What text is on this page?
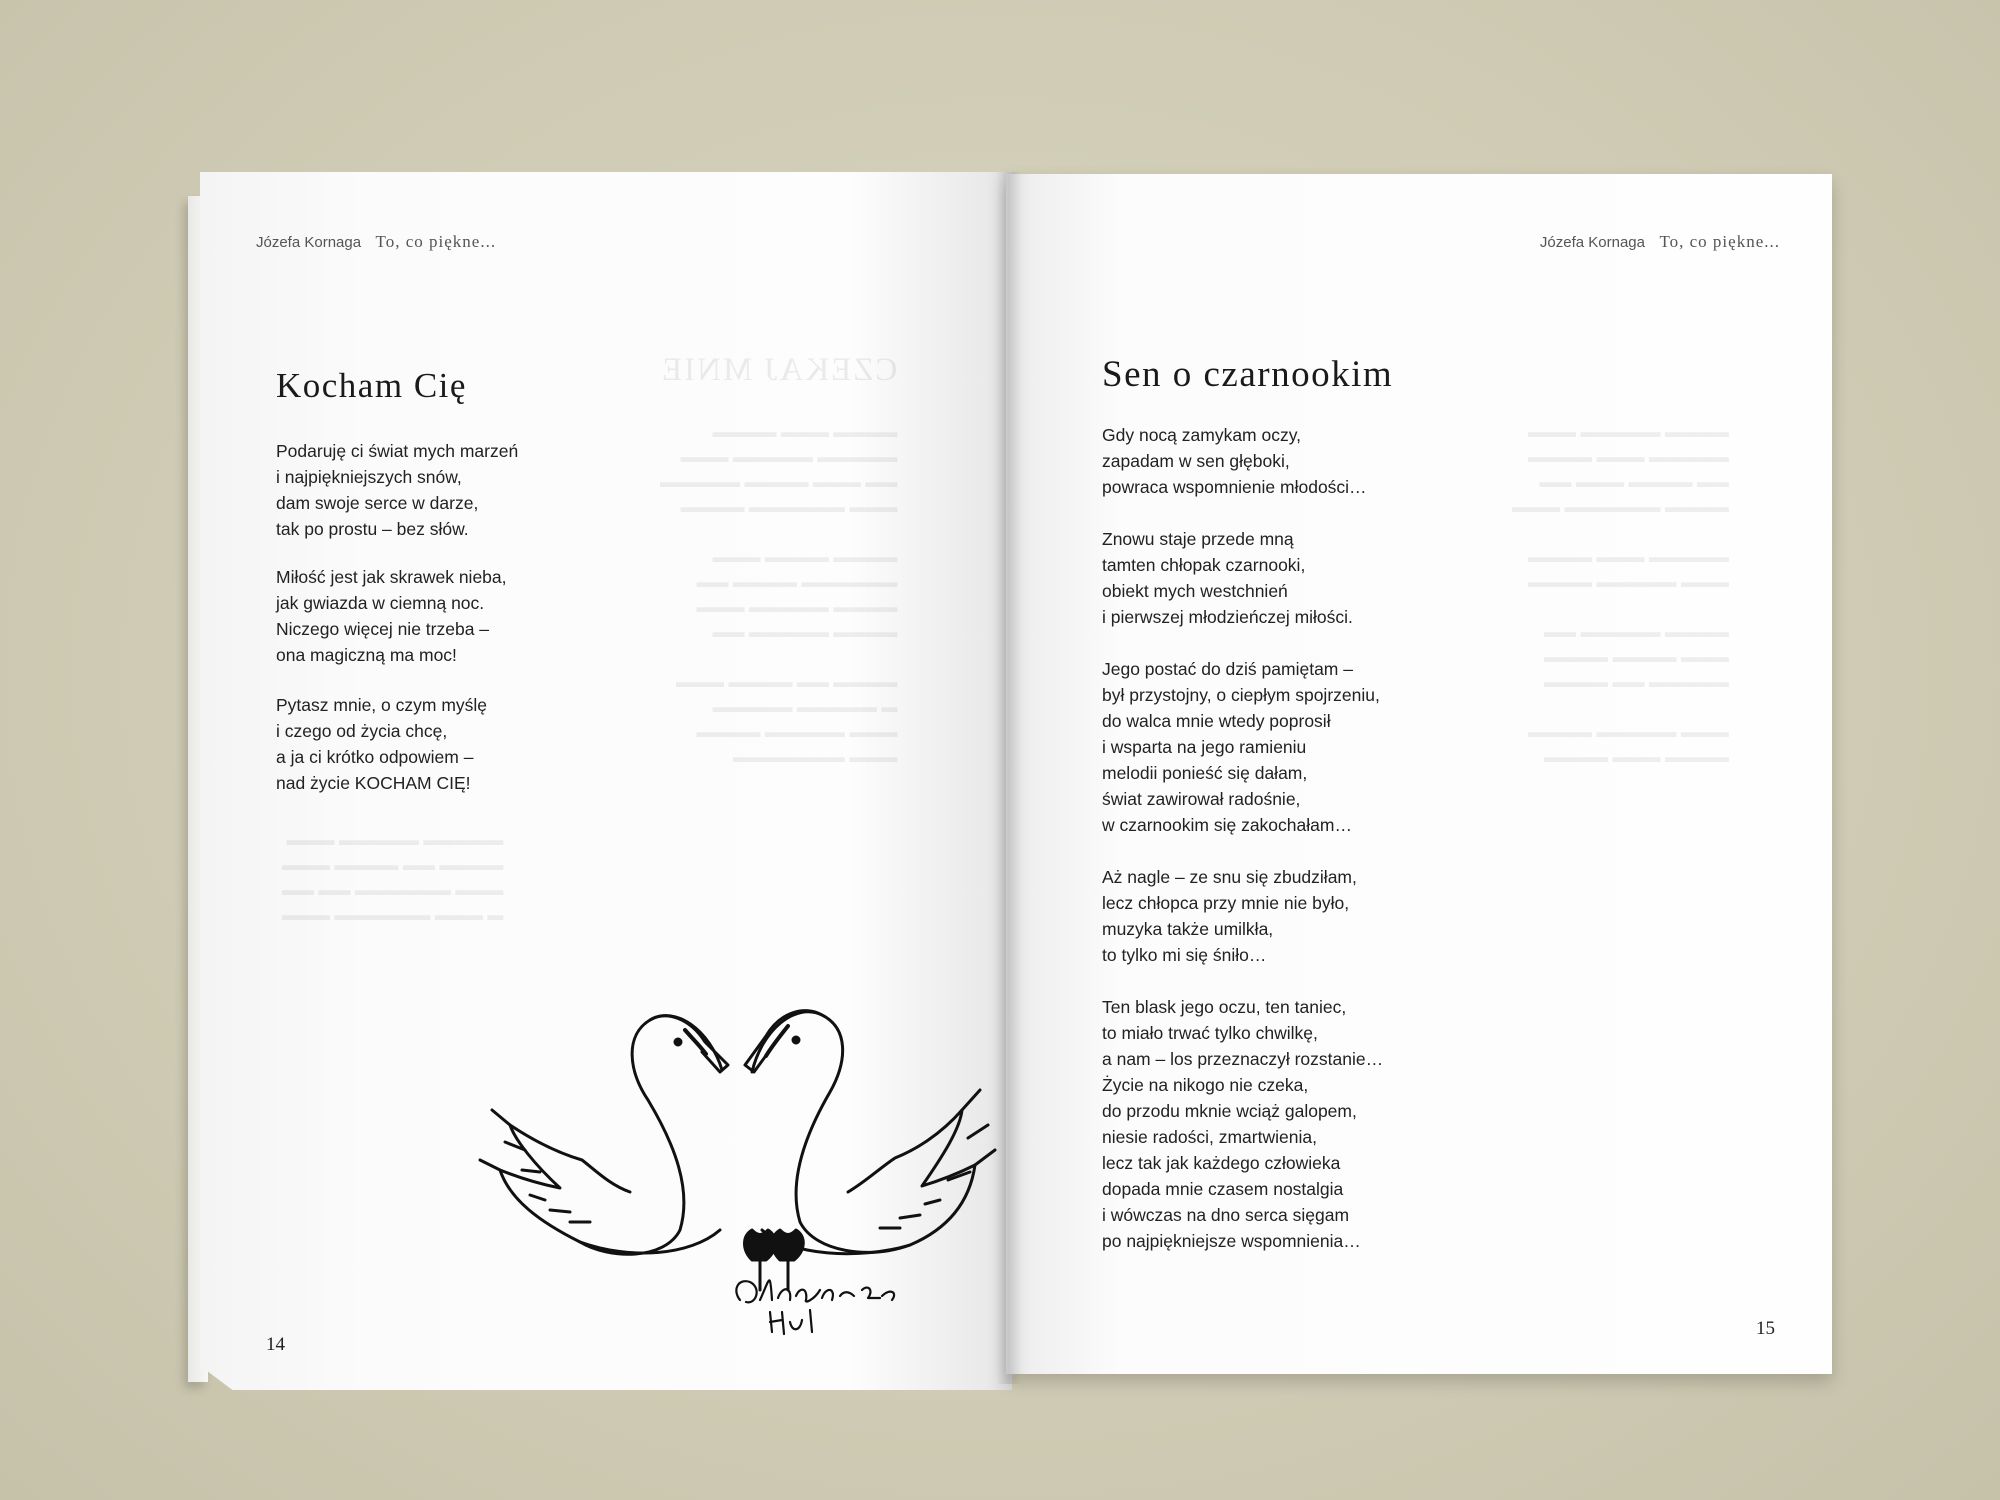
CZEKAJ MNIE
▬▬▬▬ ▬▬▬ ▬▬▬▬
▬▬▬▬▬ ▬▬▬▬▬ ▬▬▬
▬▬ ▬▬▬ ▬▬▬▬ ▬▬▬▬▬
▬▬▬ ▬▬▬▬▬▬ ▬▬▬▬

▬▬▬▬ ▬▬▬▬ ▬▬▬
▬▬▬▬▬▬ ▬▬▬▬ ▬▬
▬▬▬▬ ▬▬▬▬▬ ▬▬▬
▬▬▬▬ ▬▬▬▬▬ ▬▬

▬▬▬▬ ▬▬ ▬▬▬▬ ▬▬▬
▬ ▬▬▬▬▬ ▬▬▬▬▬
▬▬▬ ▬▬▬▬▬ ▬▬▬▬
▬▬▬ ▬▬▬▬▬▬▬
▬▬▬▬▬ ▬▬▬▬▬ ▬▬▬
▬▬▬▬ ▬▬ ▬▬▬▬ ▬▬▬
▬▬▬ ▬▬▬▬▬▬ ▬▬ ▬▬
▬ ▬▬▬ ▬▬▬▬▬▬ ▬▬▬
▬▬▬▬ ▬▬▬▬▬ ▬▬▬
▬▬▬▬▬ ▬▬▬ ▬▬▬▬
▬▬ ▬▬▬▬ ▬▬▬ ▬▬
▬▬▬▬ ▬▬▬▬▬▬ ▬▬▬

▬▬▬▬▬ ▬▬▬ ▬▬▬▬
▬▬▬ ▬▬▬▬▬ ▬▬▬▬

▬▬▬▬ ▬▬▬▬▬ ▬▬
▬▬▬ ▬▬▬▬ ▬▬▬▬
▬▬▬▬▬ ▬▬ ▬▬▬▬

▬▬▬ ▬▬▬▬▬ ▬▬▬▬
▬▬▬▬ ▬▬▬ ▬▬▬▬
Józefa Kornaga To, co piękne...
Kocham Cię
Podaruję ci świat mych marzeń
i najpiękniejszych snów,
dam swoje serce w darze,
tak po prostu – bez słów.
Miłość jest jak skrawek nieba,
jak gwiazda w ciemną noc.
Niczego więcej nie trzeba –
ona magiczną ma moc!
Pytasz mnie, o czym myślę
i czego od życia chcę,
a ja ci krótko odpowiem –
nad życie KOCHAM CIĘ!
14
Józefa Kornaga To, co piękne...
Sen o czarnookim
Gdy nocą zamykam oczy,
zapadam w sen głęboki,
powraca wspomnienie młodości…
Znowu staje przede mną
tamten chłopak czarnooki,
obiekt mych westchnień
i pierwszej młodzieńczej miłości.
Jego postać do dziś pamiętam –
był przystojny, o ciepłym spojrzeniu,
do walca mnie wtedy poprosił
i wsparta na jego ramieniu
melodii ponieść się dałam,
świat zawirował radośnie,
w czarnookim się zakochałam…
Aż nagle – ze snu się zbudziłam,
lecz chłopca przy mnie nie było,
muzyka także umilkła,
to tylko mi się śniło…
Ten blask jego oczu, ten taniec,
to miało trwać tylko chwilkę,
a nam – los przeznaczył rozstanie…
Życie na nikogo nie czeka,
do przodu mknie wciąż galopem,
niesie radości, zmartwienia,
lecz tak jak każdego człowieka
dopada mnie czasem nostalgia
i wówczas na dno serca sięgam
po najpiękniejsze wspomnienia…
15
